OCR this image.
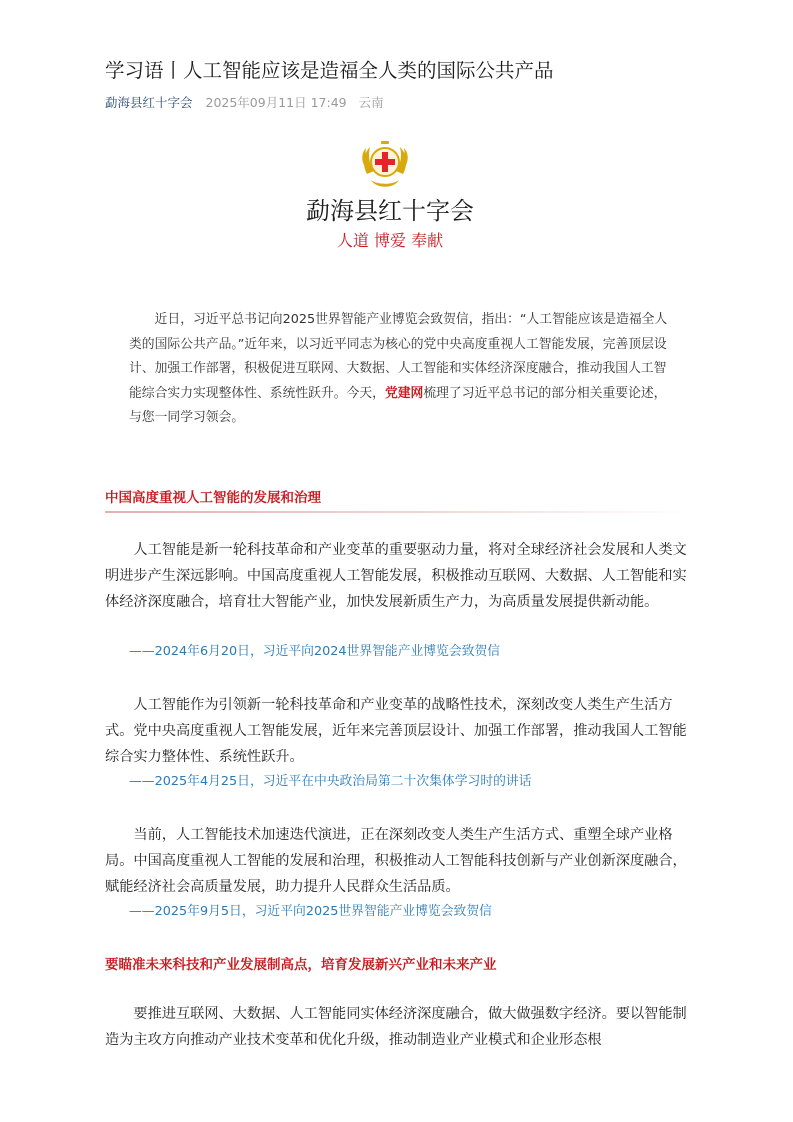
学习语丨人工智能应该是造福全人类的国际公共产品
勐海县红十字会 2025年09月11日 17:49 云南
勐海县红十字会
人道 博爱 奉献

近日，习近平总书记向2025世界智能产业博览会致贺信，指出：“人工智能应该是造福全人类的国际公共产品。”近年来，以习近平同志为核心的党中央高度重视人工智能发展，完善顶层设计、加强工作部署，积极促进互联网、大数据、人工智能和实体经济深度融合，推动我国人工智能综合实力实现整体性、系统性跃升。今天，党建网梳理了习近平总书记的部分相关重要论述，与您一同学习领会。

中国高度重视人工智能的发展和治理

人工智能是新一轮科技革命和产业变革的重要驱动力量，将对全球经济社会发展和人类文明进步产生深远影响。中国高度重视人工智能发展，积极推动互联网、大数据、人工智能和实体经济深度融合，培育壮大智能产业，加快发展新质生产力，为高质量发展提供新动能。

——2024年6月20日，习近平向2024世界智能产业博览会致贺信

人工智能作为引领新一轮科技革命和产业变革的战略性技术，深刻改变人类生产生活方式。党中央高度重视人工智能发展，近年来完善顶层设计、加强工作部署，推动我国人工智能综合实力整体性、系统性跃升。

——2025年4月25日，习近平在中央政治局第二十次集体学习时的讲话

当前，人工智能技术加速迭代演进，正在深刻改变人类生产生活方式、重塑全球产业格局。中国高度重视人工智能的发展和治理，积极推动人工智能科技创新与产业创新深度融合，赋能经济社会高质量发展，助力提升人民群众生活品质。

——2025年9月5日，习近平向2025世界智能产业博览会致贺信
要瞄准未来科技和产业发展制高点，培育发展新兴产业和未来产业

要推进互联网、大数据、人工智能同实体经济深度融合，做大做强数字经济。要以智能制造为主攻方向推动产业技术变革和优化升级，推动制造业产业模式和企业形态根
